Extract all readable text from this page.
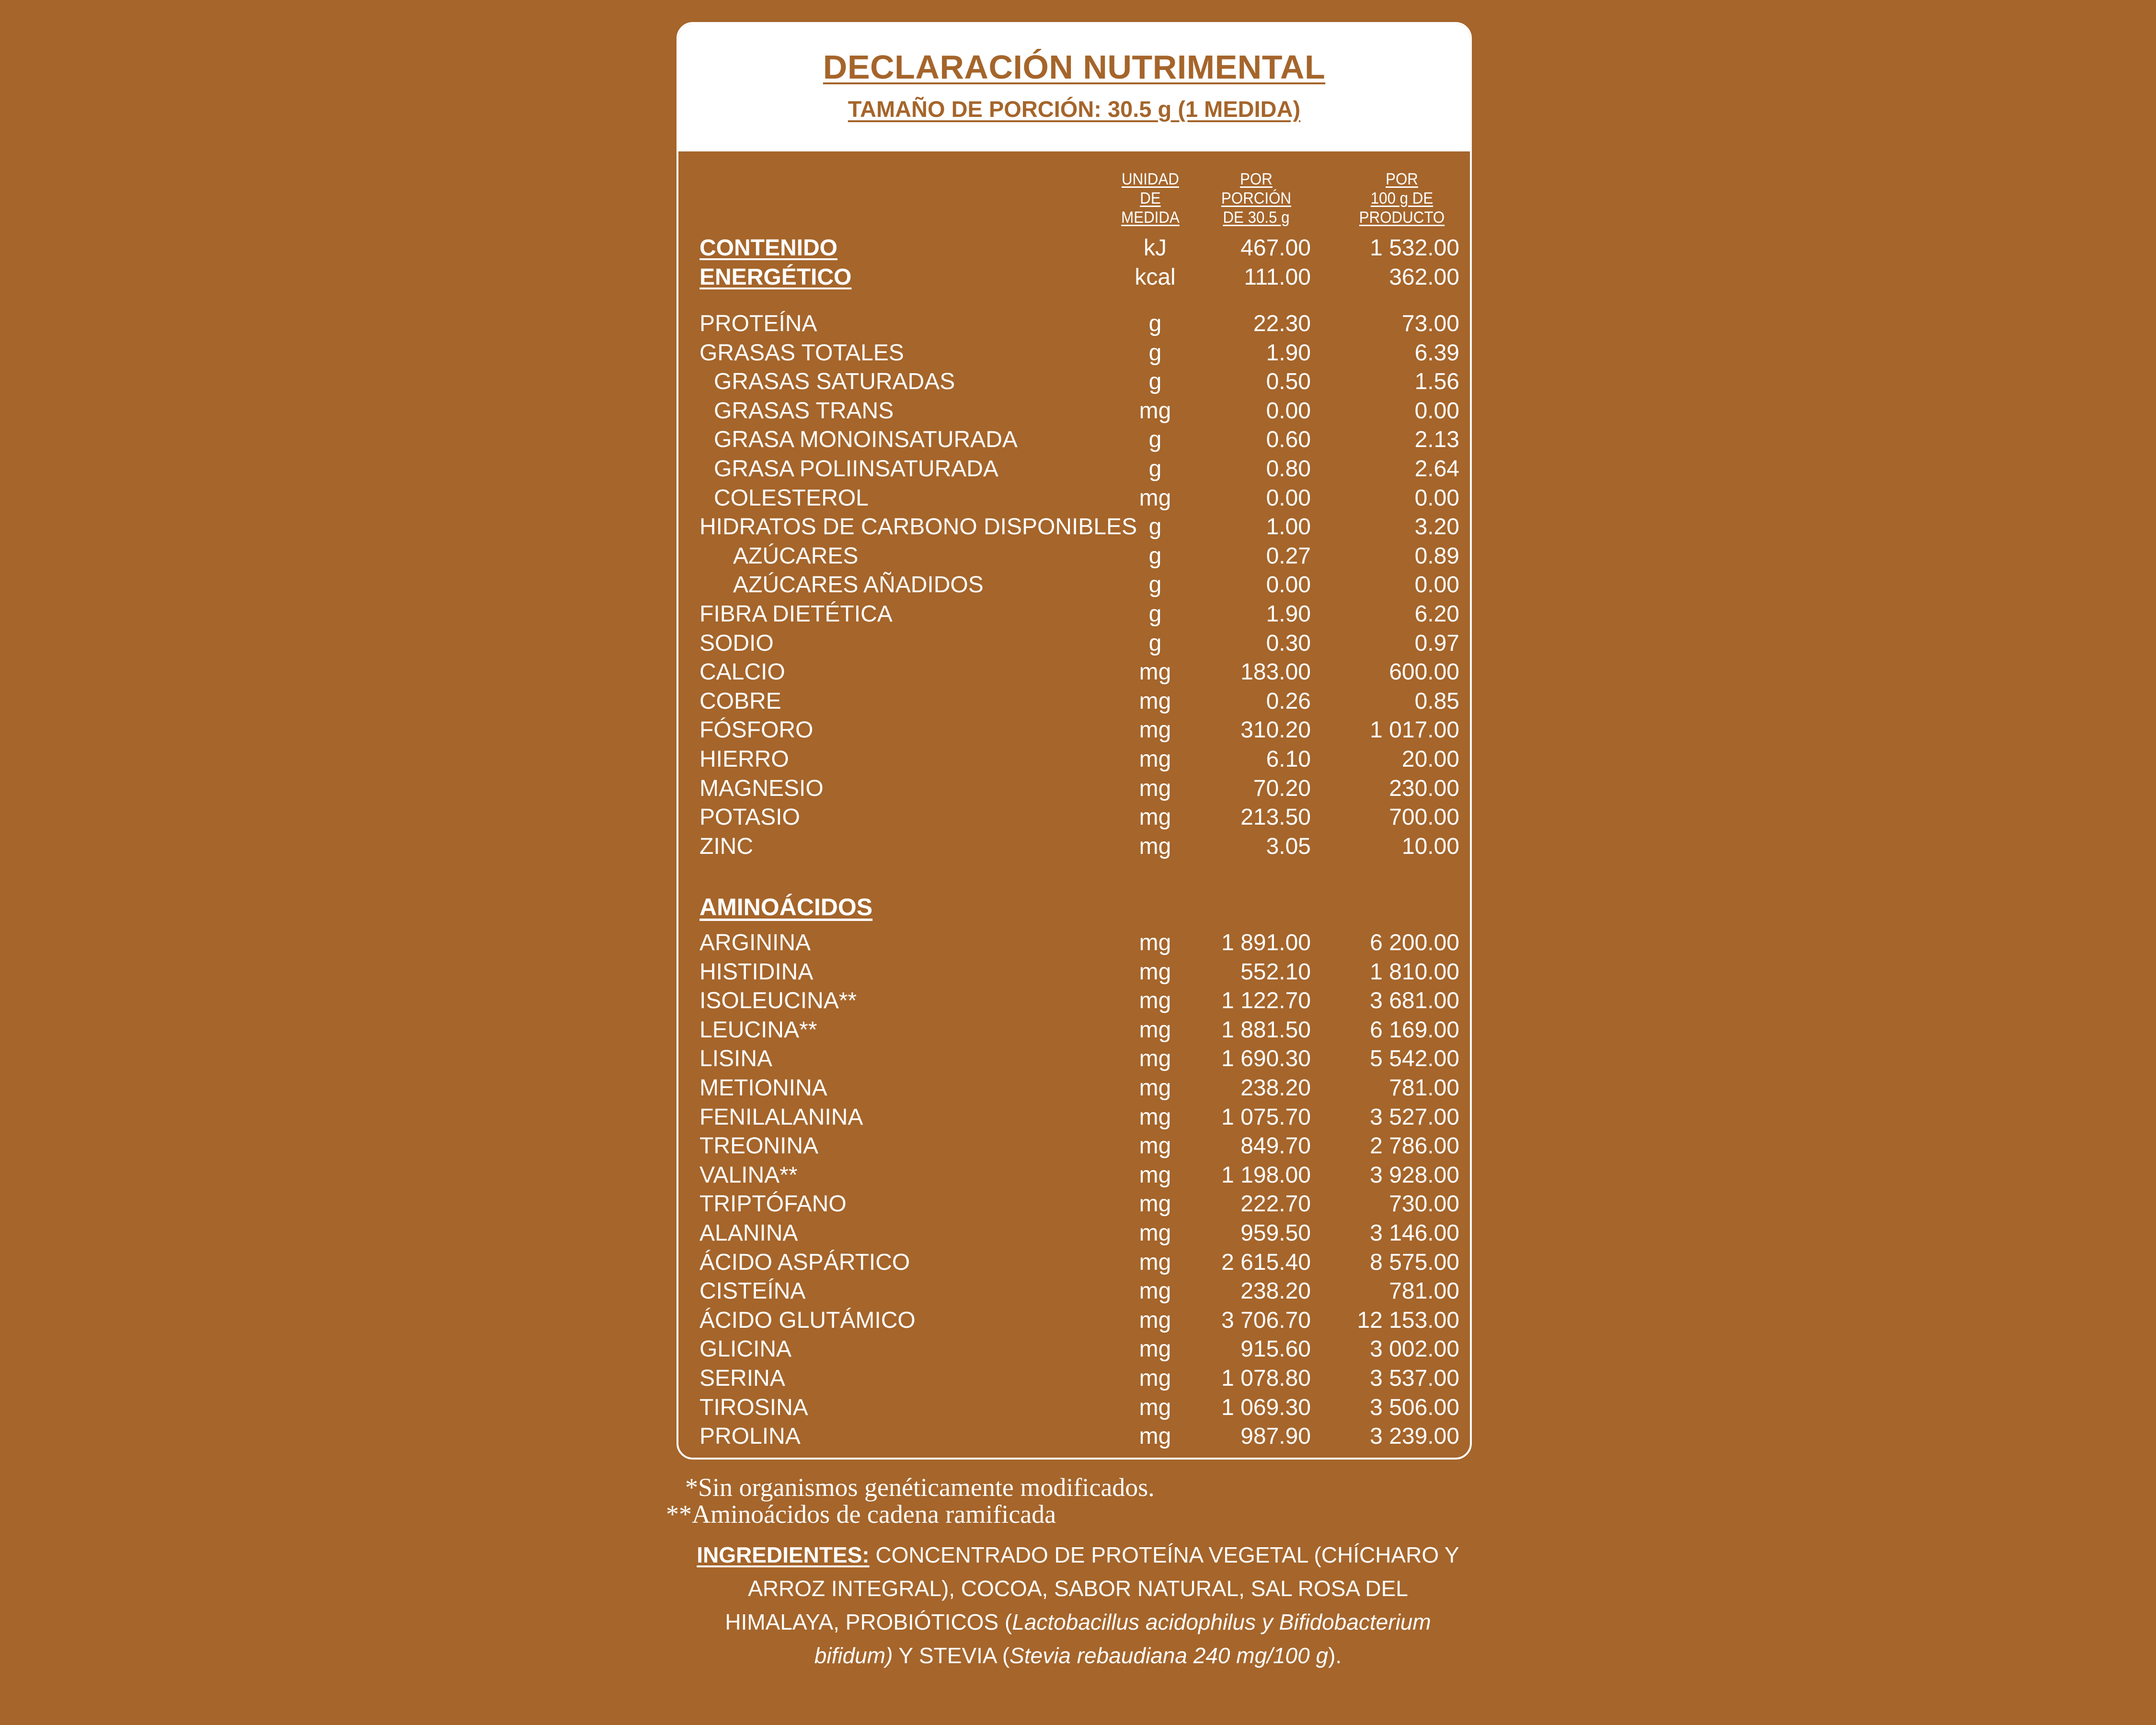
DECLARACIÓN NUTRIMENTAL
TAMAÑO DE PORCIÓN: 30.5 g (1 MEDIDA)
UNIDAD
DE
MEDIDA
POR
PORCIÓN
DE 30.5 g
POR
100 g DE
PRODUCTO
AMINOÁCIDOS
CONTENIDO	kJ	467.00	1 532.00
ENERGÉTICO	kcal	111.00	362.00
PROTEÍNA	g	22.30	73.00
GRASAS TOTALES	g	1.90	6.39
GRASAS SATURADAS	g	0.50	1.56
GRASAS TRANS	mg	0.00	0.00
GRASA MONOINSATURADA	g	0.60	2.13
GRASA POLIINSATURADA	g	0.80	2.64
COLESTEROL	mg	0.00	0.00
HIDRATOS DE CARBONO DISPONIBLES g	1.00	3.20
AZÚCARES	g	0.27	0.89
AZÚCARES AÑADIDOS	g	0.00	0.00
FIBRA DIETÉTICA	g	1.90	6.20
SODIO	g	0.30	0.97
CALCIO	mg	183.00	600.00
COBRE	mg	0.26	0.85
FÓSFORO	mg	310.20	1 017.00
HIERRO	mg	6.10	20.00
MAGNESIO	mg	70.20	230.00
POTASIO	mg	213.50	700.00
ZINC	mg	3.05	10.00
ARGININA	mg	1 891.00	6 200.00
HISTIDINA	mg	552.10	1 810.00
ISOLEUCINA**	mg	1 122.70	3 681.00
LEUCINA**	mg	1 881.50	6 169.00
LISINA	mg	1 690.30	5 542.00
METIONINA	mg	238.20	781.00
FENILALANINA	mg	1 075.70	3 527.00
TREONINA	mg	849.70	2 786.00
VALINA**	mg	1 198.00	3 928.00
TRIPTÓFANO	mg	222.70	730.00
ALANINA	mg	959.50	3 146.00
ÁCIDO ASPÁRTICO	mg	2 615.40	8 575.00
CISTEÍNA	mg	238.20	781.00
ÁCIDO GLUTÁMICO	mg	3 706.70	12 153.00
GLICINA	mg	915.60	3 002.00
SERINA	mg	1 078.80	3 537.00
TIROSINA	mg	1 069.30	3 506.00
PROLINA	mg	987.90	3 239.00
*Sin organismos genéticamente modificados.
**Aminoácidos de cadena ramificada
INGREDIENTES: CONCENTRADO DE PROTEÍNA VEGETAL (CHÍCHARO Y ARROZ INTEGRAL), COCOA, SABOR NATURAL, SAL ROSA DEL HIMALAYA, PROBIÓTICOS (Lactobacillus acidophilus y Bifidobacterium bifidum) Y STEVIA (Stevia rebaudiana 240 mg/100 g).
